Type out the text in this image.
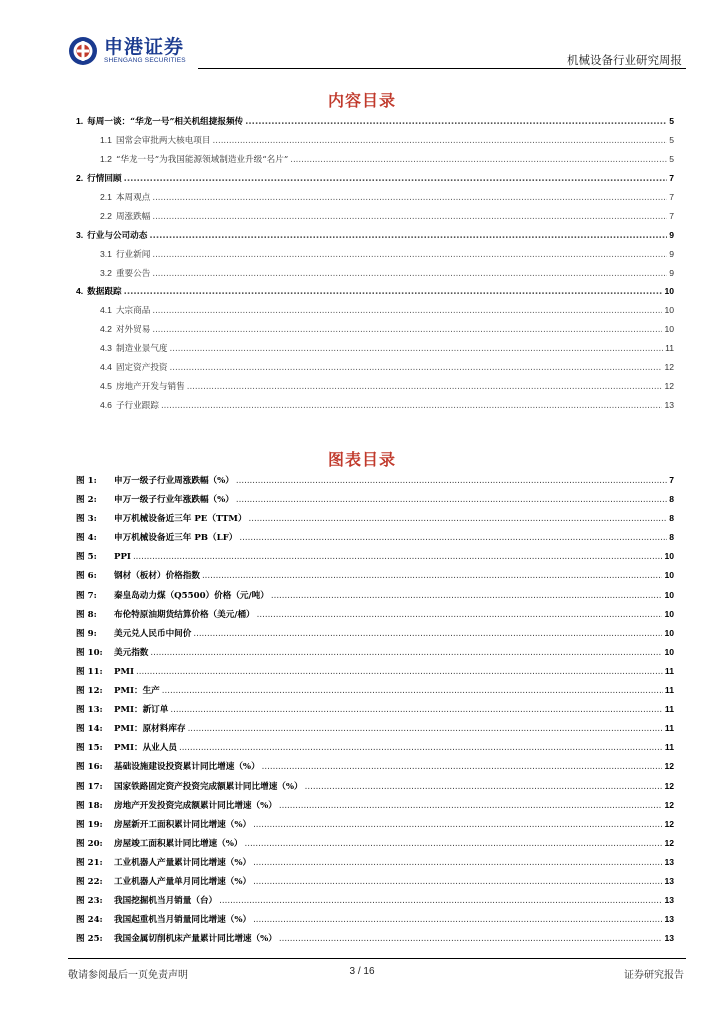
申港证券
SHENGANG SECURITIES	机械设备行业研究周报
内容目录
1. 每周一谈：“华龙一号”相关机组捷报频传 .....	5
1.1 国常会审批两大核电项目 .....	5
1.2 “华龙一号”为我国能源领域制造业升级“名片” .....	5
2. 行情回顾 .....	7
2.1 本周观点 .....	7
2.2 周涨跌幅 .....	7
3. 行业与公司动态 .....	9
3.1 行业新闻 .....	9
3.2 重要公告 .....	9
4. 数据跟踪 .....	10
4.1 大宗商品 .....	10
4.2 对外贸易 .....	10
4.3 制造业景气度 .....	11
4.4 固定资产投资 .....	12
4.5 房地产开发与销售 .....	12
4.6 子行业跟踪 .....	13
图表目录
图 1:	申万一级子行业周涨跌幅（%） .....	7
图 2:	申万一级子行业年涨跌幅（%） .....	8
图 3:	申万机械设备近三年 PE（TTM） .....	8
图 4:	申万机械设备近三年 PB（LF） .....	8
图 5:	PPI .....	10
图 6:	钢材（板材）价格指数 .....	10
图 7:	秦皇岛动力煤（Q5500）价格（元/吨） .....	10
图 8:	布伦特原油期货结算价格（美元/桶） .....	10
图 9:	美元兑人民币中间价 .....	10
图 10:	美元指数 .....	10
图 11:	PMI .....	11
图 12:	PMI：生产 .....	11
图 13:	PMI：新订单 .....	11
图 14:	PMI：原材料库存 .....	11
图 15:	PMI：从业人员 .....	11
图 16:	基础设施建设投资累计同比增速（%） .....	12
图 17:	国家铁路固定资产投资完成额累计同比增速（%） .....	12
图 18:	房地产开发投资完成额累计同比增速（%） .....	12
图 19:	房屋新开工面积累计同比增速（%） .....	12
图 20:	房屋竣工面积累计同比增速（%） .....	12
图 21:	工业机器人产量累计同比增速（%） .....	13
图 22:	工业机器人产量单月同比增速（%） .....	13
图 23:	我国挖掘机当月销量（台） .....	13
图 24:	我国起重机当月销量同比增速（%） .....	13
图 25:	我国金属切削机床产量累计同比增速（%） .....	13
敬请参阅最后一页免责声明	3 / 16	证券研究报告
